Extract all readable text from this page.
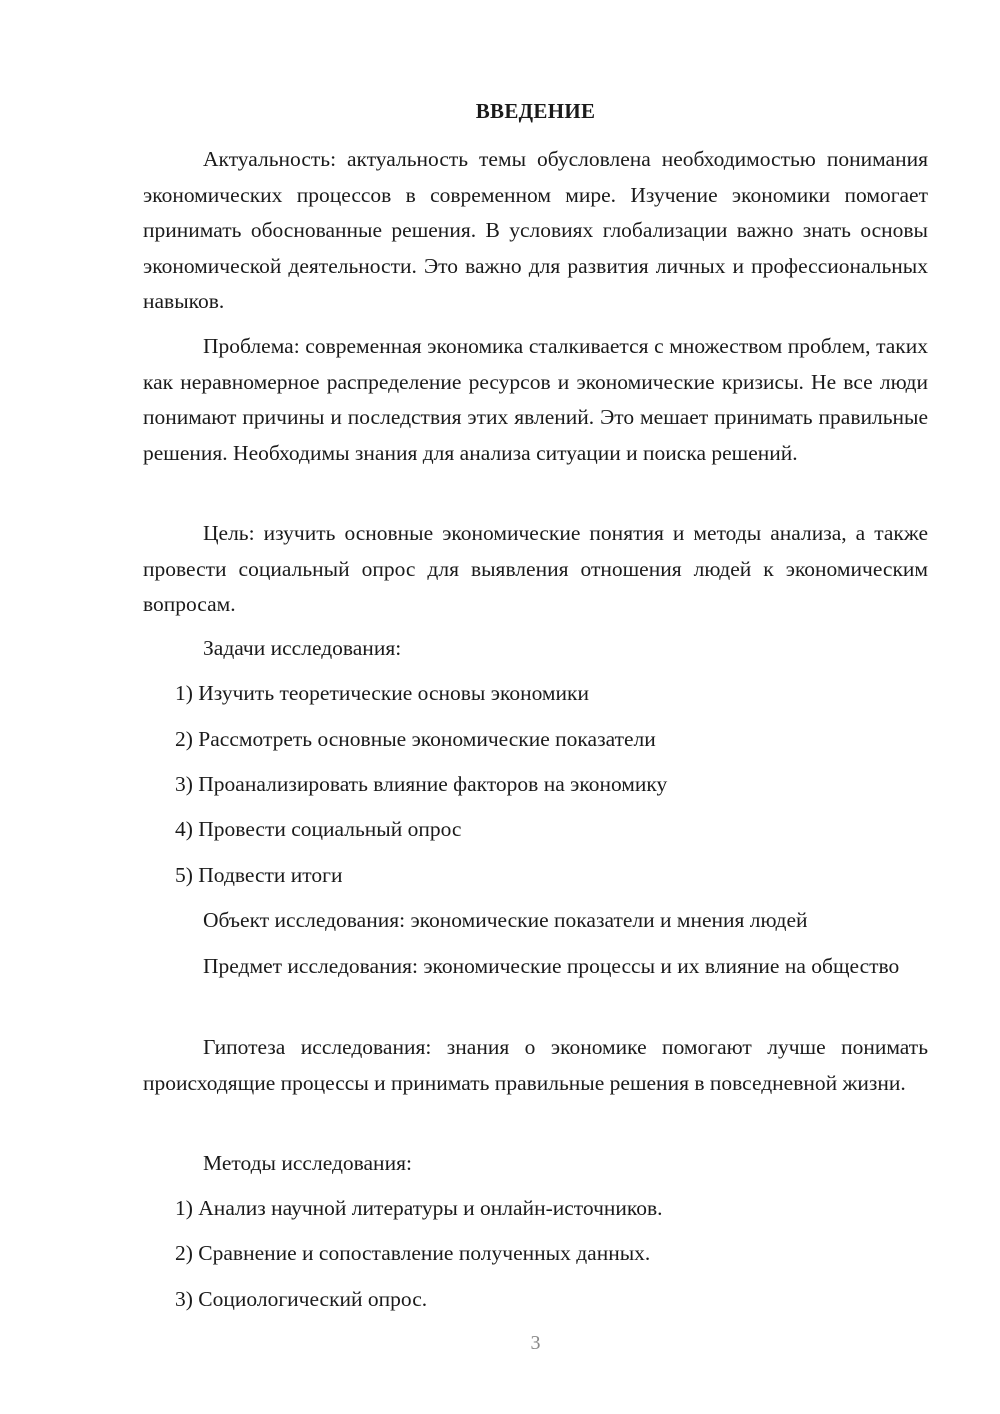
ВВЕДЕНИЕ

Актуальность: актуальность темы обусловлена необходимостью понимания экономических процессов в современном мире. Изучение экономики помогает принимать обоснованные решения. В условиях глобализации важно знать основы экономической деятельности. Это важно для развития личных и профессиональных навыков.

Проблема: современная экономика сталкивается с множеством проблем, таких как неравномерное распределение ресурсов и экономические кризисы. Не все люди понимают причины и последствия этих явлений. Это мешает принимать правильные решения. Необходимы знания для анализа ситуации и поиска решений.

Цель: изучить основные экономические понятия и методы анализа, а также провести социальный опрос для выявления отношения людей к экономическим вопросам.

Задачи исследования:

1) Изучить теоретические основы экономики
2) Рассмотреть основные экономические показатели
3) Проанализировать влияние факторов на экономику
4) Провести социальный опрос
5) Подвести итоги

Объект исследования: экономические показатели и мнения людей

Предмет исследования: экономические процессы и их влияние на общество

Гипотеза исследования: знания о экономике помогают лучше понимать происходящие процессы и принимать правильные решения в повседневной жизни.

Методы исследования:

1) Анализ научной литературы и онлайн-источников.
2) Сравнение и сопоставление полученных данных.
3) Социологический опрос.
3
